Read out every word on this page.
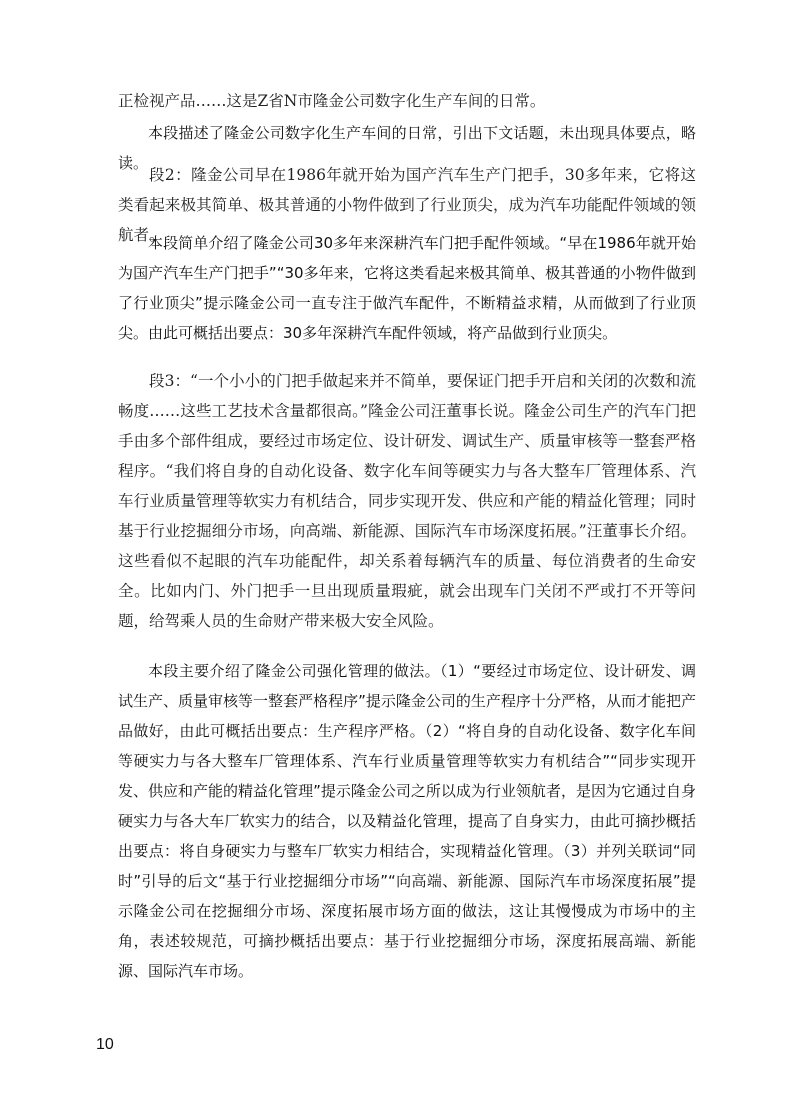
正检视产品……这是Z省N市隆金公司数字化生产车间的日常。

本段描述了隆金公司数字化生产车间的日常，引出下文话题，未出现具体要点，略读。

段2：隆金公司早在1986年就开始为国产汽车生产门把手，30多年来，它将这类看起来极其简单、极其普通的小物件做到了行业顶尖，成为汽车功能配件领域的领航者。

本段简单介绍了隆金公司30多年来深耕汽车门把手配件领域。“早在1986年就开始为国产汽车生产门把手”“30多年来，它将这类看起来极其简单、极其普通的小物件做到了行业顶尖”提示隆金公司一直专注于做汽车配件，不断精益求精，从而做到了行业顶尖。由此可概括出要点：30多年深耕汽车配件领域，将产品做到行业顶尖。

段3：“一个小小的门把手做起来并不简单，要保证门把手开启和关闭的次数和流畅度……这些工艺技术含量都很高。”隆金公司汪董事长说。隆金公司生产的汽车门把手由多个部件组成，要经过市场定位、设计研发、调试生产、质量审核等一整套严格程序。“我们将自身的自动化设备、数字化车间等硬实力与各大整车厂管理体系、汽车行业质量管理等软实力有机结合，同步实现开发、供应和产能的精益化管理；同时基于行业挖掘细分市场，向高端、新能源、国际汽车市场深度拓展。”汪董事长介绍。这些看似不起眼的汽车功能配件，却关系着每辆汽车的质量、每位消费者的生命安全。比如内门、外门把手一旦出现质量瑕疵，就会出现车门关闭不严或打不开等问题，给驾乘人员的生命财产带来极大安全风险。

本段主要介绍了隆金公司强化管理的做法。（1）“要经过市场定位、设计研发、调试生产、质量审核等一整套严格程序”提示隆金公司的生产程序十分严格，从而才能把产品做好，由此可概括出要点：生产程序严格。（2）“将自身的自动化设备、数字化车间等硬实力与各大整车厂管理体系、汽车行业质量管理等软实力有机结合”“同步实现开发、供应和产能的精益化管理”提示隆金公司之所以成为行业领航者，是因为它通过自身硬实力与各大车厂软实力的结合，以及精益化管理，提高了自身实力，由此可摘抄概括出要点：将自身硬实力与整车厂软实力相结合，实现精益化管理。（3）并列关联词“同时”引导的后文“基于行业挖掘细分市场”“向高端、新能源、国际汽车市场深度拓展”提示隆金公司在挖掘细分市场、深度拓展市场方面的做法，这让其慢慢成为市场中的主角，表述较规范，可摘抄概括出要点：基于行业挖掘细分市场，深度拓展高端、新能源、国际汽车市场。

10
